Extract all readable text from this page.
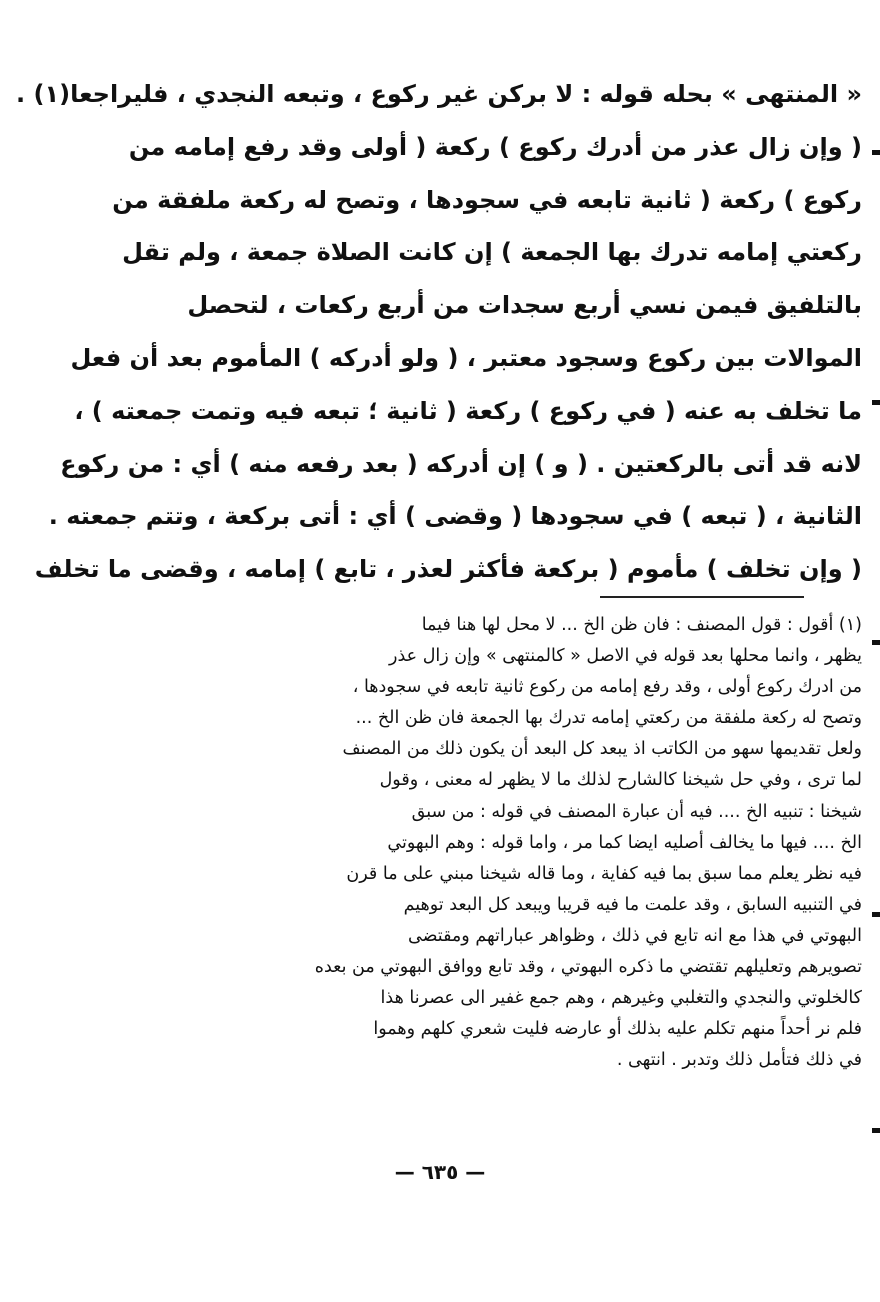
« المنتهى » بحله قوله : لا بركن غير ركوع ، وتبعه النجدي ، فليراجعا(١) .
( وإن زال عذر من أدرك ركوع ) ركعة ( أولى وقد رفع إمامه من
ركوع ) ركعة ( ثانية تابعه في سجودها ، وتصح له ركعة ملفقة من
ركعتي إمامه تدرك بها الجمعة ) إن كانت الصلاة جمعة ، ولم تقل
بالتلفيق فيمن نسي أربع سجدات من أربع ركعات ، لتحصل
الموالات بين ركوع وسجود معتبر ، ( ولو أدركه ) المأموم بعد أن فعل
ما تخلف به عنه ( في ركوع ) ركعة ( ثانية ؛ تبعه فيه وتمت جمعته ) ،
لانه قد أتى بالركعتين . ( و ) إن أدركه ( بعد رفعه منه ) أي : من ركوع
الثانية ، ( تبعه ) في سجودها ( وقضى ) أي : أتى بركعة ، وتتم جمعته .
( وإن تخلف ) مأموم ( بركعة فأكثر لعذر ، تابع ) إمامه ، وقضى ما تخلف
(١) أقول : قول المصنف : فان ظن الخ ... لا محل لها هنا فيما
يظهر ، وانما محلها بعد قوله في الاصل « كالمنتهى » وإن زال عذر
من ادرك ركوع أولى ، وقد رفع إمامه من ركوع ثانية تابعه في سجودها ،
وتصح له ركعة ملفقة من ركعتي إمامه تدرك بها الجمعة فان ظن الخ ...
ولعل تقديمها سهو من الكاتب اذ يبعد كل البعد أن يكون ذلك من المصنف
لما ترى ، وفي حل شيخنا كالشارح لذلك ما لا يظهر له معنى ، وقول
شيخنا : تنبيه الخ .... فيه أن عبارة المصنف في قوله : من سبق
الخ .... فيها ما يخالف أصليه ايضا كما مر ، واما قوله : وهم البهوتي
فيه نظر يعلم مما سبق بما فيه كفاية ، وما قاله شيخنا مبني على ما قرن
في التنبيه السابق ، وقد علمت ما فيه قريبا ويبعد كل البعد توهيم
البهوتي في هذا مع انه تابع في ذلك ، وظواهر عباراتهم ومقتضى
تصويرهم وتعليلهم تقتضي ما ذكره البهوتي ، وقد تابع ووافق البهوتي من بعده
كالخلوتي والنجدي والتغلبي وغيرهم ، وهم جمع غفير الى عصرنا هذا
فلم نر أحداً منهم تكلم عليه بذلك أو عارضه فليت شعري كلهم وهموا
في ذلك فتأمل ذلك وتدبر . انتهى .
— ٦٣٥ —
